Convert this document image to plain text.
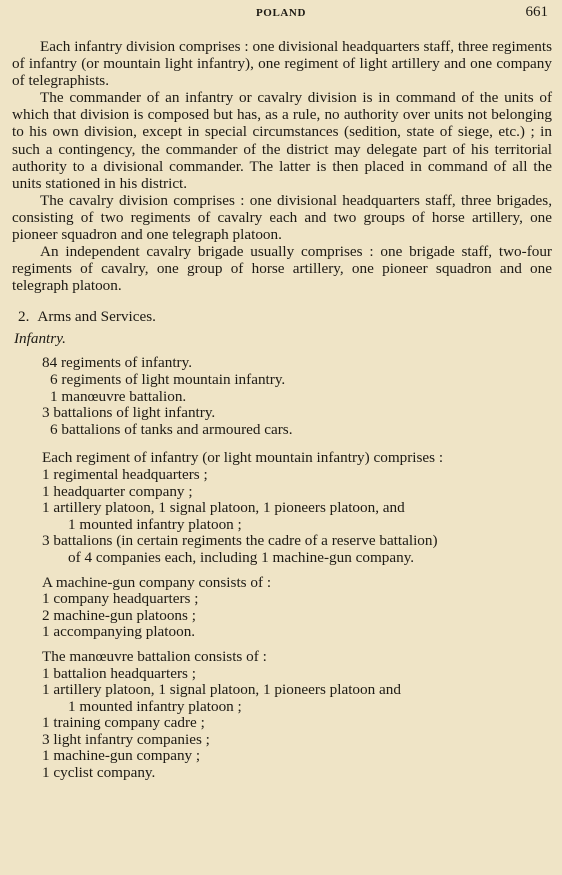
POLAND	661

Each infantry division comprises : one divisional headquarters staff, three regiments of infantry (or mountain light infantry), one regiment of light artillery and one company of telegraphists.

The commander of an infantry or cavalry division is in command of the units of which that division is composed but has, as a rule, no authority over units not belonging to his own division, except in special circumstances (sedition, state of siege, etc.) ; in such a contingency, the commander of the district may delegate part of his territorial authority to a divisional commander. The latter is then placed in command of all the units stationed in his district.

The cavalry division comprises : one divisional headquarters staff, three brigades, consisting of two regiments of cavalry each and two groups of horse artillery, one pioneer squadron and one telegraph platoon.

An independent cavalry brigade usually comprises : one brigade staff, two-four regiments of cavalry, one group of horse artillery, one pioneer squadron and one telegraph platoon.

2. Arms and Services.
Infantry.
84 regiments of infantry.
6 regiments of light mountain infantry.
1 manœuvre battalion.
3 battalions of light infantry.
6 battalions of tanks and armoured cars.
Each regiment of infantry (or light mountain infantry) comprises :
1 regimental headquarters ;
1 headquarter company ;
1 artillery platoon, 1 signal platoon, 1 pioneers platoon, and
1 mounted infantry platoon ;
3 battalions (in certain regiments the cadre of a reserve battalion)
of 4 companies each, including 1 machine-gun company.
A machine-gun company consists of :
1 company headquarters ;
2 machine-gun platoons ;
1 accompanying platoon.
The manœuvre battalion consists of :
1 battalion headquarters ;
1 artillery platoon, 1 signal platoon, 1 pioneers platoon and
1 mounted infantry platoon ;
1 training company cadre ;
3 light infantry companies ;
1 machine-gun company ;
1 cyclist company.
